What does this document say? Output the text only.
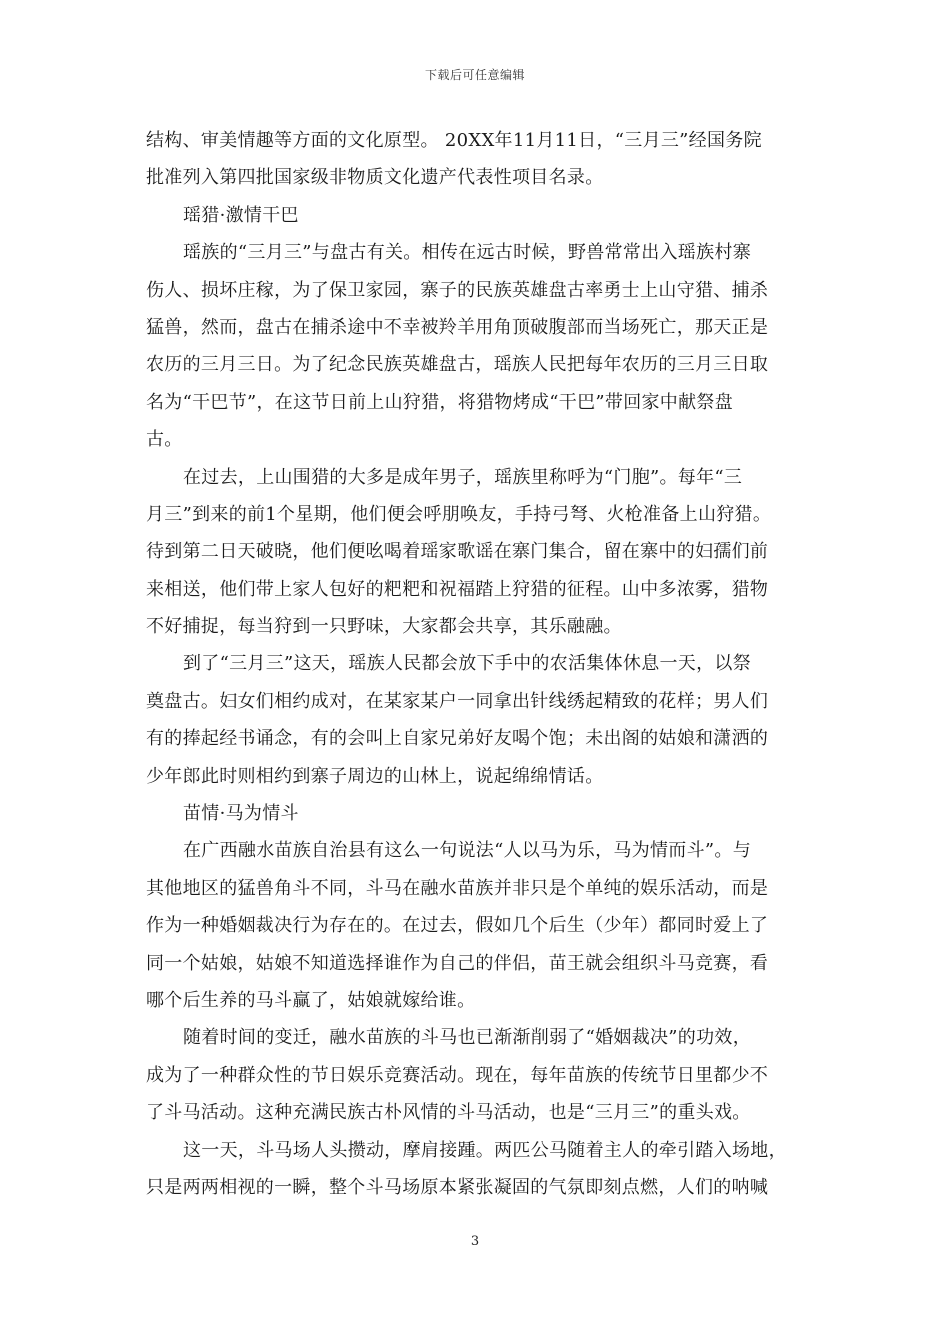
下载后可任意编辑
结构、审美情趣等方面的文化原型。 20XX年11月11日，“三月三”经国务院
批准列入第四批国家级非物质文化遗产代表性项目名录。
瑶猎·激情干巴
瑶族的“三月三”与盘古有关。相传在远古时候，野兽常常出入瑶族村寨
伤人、损坏庄稼，为了保卫家园，寨子的民族英雄盘古率勇士上山守猎、捕杀
猛兽，然而，盘古在捕杀途中不幸被羚羊用角顶破腹部而当场死亡，那天正是
农历的三月三日。为了纪念民族英雄盘古，瑶族人民把每年农历的三月三日取
名为“干巴节”，在这节日前上山狩猎，将猎物烤成“干巴”带回家中献祭盘
古。
在过去，上山围猎的大多是成年男子，瑶族里称呼为“门胞”。每年“三
月三”到来的前1个星期，他们便会呼朋唤友，手持弓弩、火枪准备上山狩猎。
待到第二日天破晓，他们便吆喝着瑶家歌谣在寨门集合，留在寨中的妇孺们前
来相送，他们带上家人包好的粑粑和祝福踏上狩猎的征程。山中多浓雾，猎物
不好捕捉，每当狩到一只野味，大家都会共享，其乐融融。
到了“三月三”这天，瑶族人民都会放下手中的农活集体休息一天，以祭
奠盘古。妇女们相约成对，在某家某户一同拿出针线绣起精致的花样；男人们
有的捧起经书诵念，有的会叫上自家兄弟好友喝个饱；未出阁的姑娘和潇洒的
少年郎此时则相约到寨子周边的山林上，说起绵绵情话。
苗情·马为情斗
在广西融水苗族自治县有这么一句说法“人以马为乐，马为情而斗”。与
其他地区的猛兽角斗不同，斗马在融水苗族并非只是个单纯的娱乐活动，而是
作为一种婚姻裁决行为存在的。在过去，假如几个后生（少年）都同时爱上了
同一个姑娘，姑娘不知道选择谁作为自己的伴侣，苗王就会组织斗马竞赛，看
哪个后生养的马斗赢了，姑娘就嫁给谁。
随着时间的变迁，融水苗族的斗马也已渐渐削弱了“婚姻裁决”的功效，
成为了一种群众性的节日娱乐竞赛活动。现在，每年苗族的传统节日里都少不
了斗马活动。这种充满民族古朴风情的斗马活动，也是“三月三”的重头戏。
这一天，斗马场人头攒动，摩肩接踵。两匹公马随着主人的牵引踏入场地，
只是两两相视的一瞬，整个斗马场原本紧张凝固的气氛即刻点燃，人们的呐喊
3
